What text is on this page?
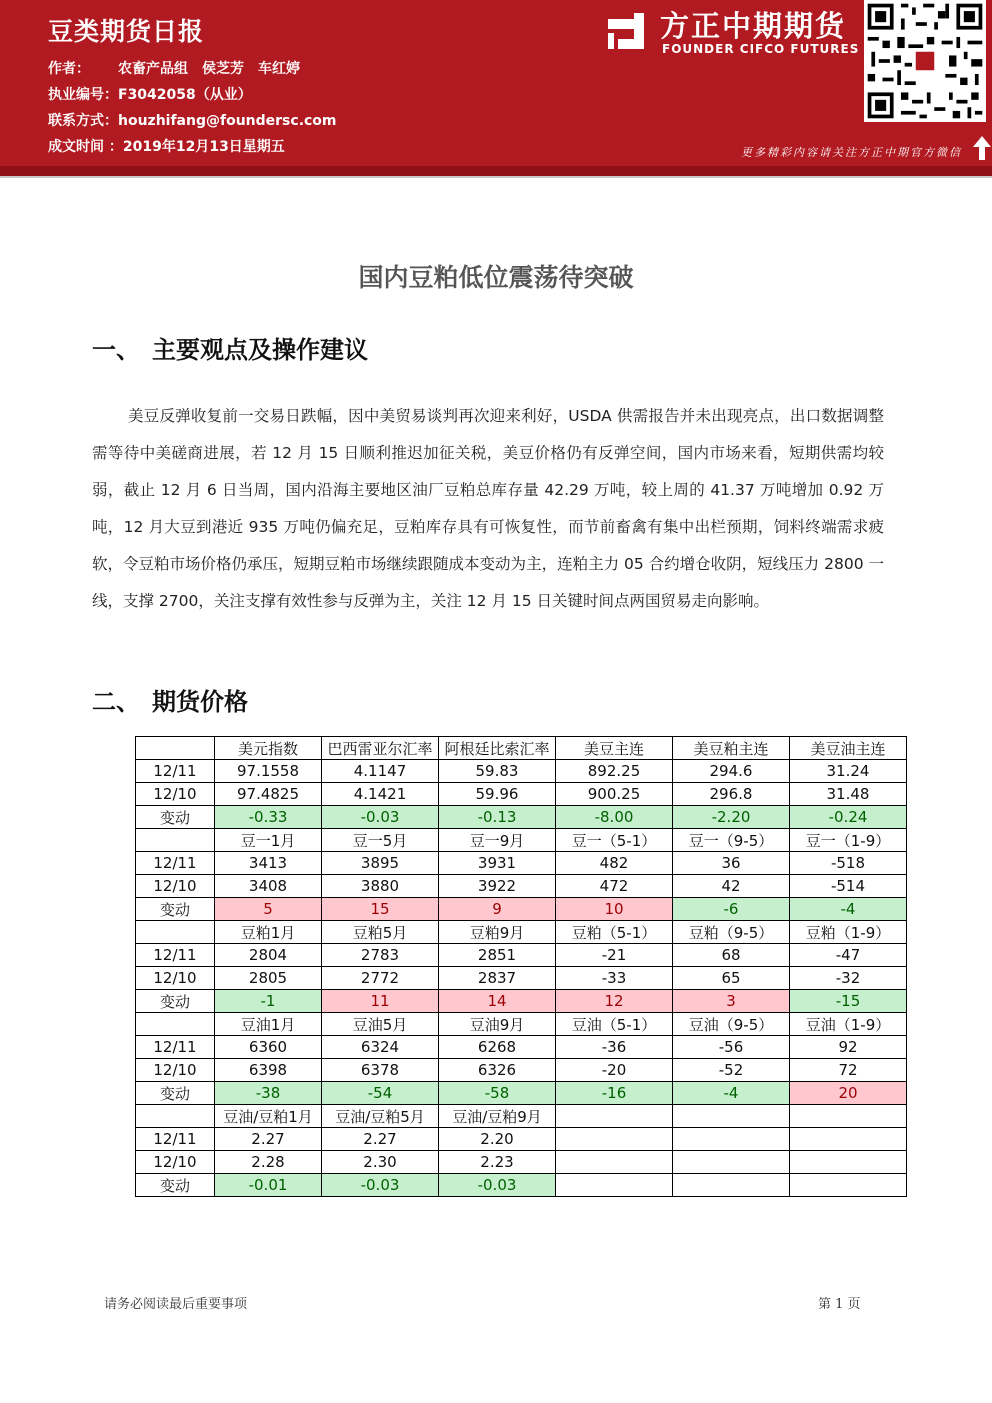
豆类期货日报
作者： 农畜产品组　侯芝芳　车红婷
执业编号：F3042058（从业）
联系方式：houzhifang@foundersc.com
成文时间 ：2019年12月13日星期五
方正中期期货
FOUNDER CIFCO FUTURES
更多精彩内容请关注方正中期官方微信
国内豆粕低位震荡待突破
一、 主要观点及操作建议
美豆反弹收复前一交易日跌幅，因中美贸易谈判再次迎来利好，USDA 供需报告并未出现亮点，出口数据调整需等待中美磋商进展，若 12 月 15 日顺利推迟加征关税，美豆价格仍有反弹空间，国内市场来看，短期供需均较弱，截止 12 月 6 日当周，国内沿海主要地区油厂豆粕总库存量 42.29 万吨，较上周的 41.37 万吨增加 0.92 万吨，12 月大豆到港近 935 万吨仍偏充足，豆粕库存具有可恢复性，而节前畜禽有集中出栏预期，饲料终端需求疲软，令豆粕市场价格仍承压，短期豆粕市场继续跟随成本变动为主，连粕主力 05 合约增仓收阴，短线压力 2800 一线，支撑 2700，关注支撑有效性参与反弹为主，关注 12 月 15 日关键时间点两国贸易走向影响。
二、 期货价格
	美元指数	巴西雷亚尔汇率	阿根廷比索汇率	美豆主连	美豆粕主连	美豆油主连
12/11	97.1558	4.1147	59.83	892.25	294.6	31.24
12/10	97.4825	4.1421	59.96	900.25	296.8	31.48
变动	-0.33	-0.03	-0.13	-8.00	-2.20	-0.24
	豆一1月	豆一5月	豆一9月	豆一（5-1）	豆一（9-5）	豆一（1-9）
12/11	3413	3895	3931	482	36	-518
12/10	3408	3880	3922	472	42	-514
变动	5	15	9	10	-6	-4
	豆粕1月	豆粕5月	豆粕9月	豆粕（5-1）	豆粕（9-5）	豆粕（1-9）
12/11	2804	2783	2851	-21	68	-47
12/10	2805	2772	2837	-33	65	-32
变动	-1	11	14	12	3	-15
	豆油1月	豆油5月	豆油9月	豆油（5-1）	豆油（9-5）	豆油（1-9）
12/11	6360	6324	6268	-36	-56	92
12/10	6398	6378	6326	-20	-52	72
变动	-38	-54	-58	-16	-4	20
	豆油/豆粕1月	豆油/豆粕5月	豆油/豆粕9月			
12/11	2.27	2.27	2.20			
12/10	2.28	2.30	2.23			
变动	-0.01	-0.03	-0.03			
请务必阅读最后重要事项	第 1 页
